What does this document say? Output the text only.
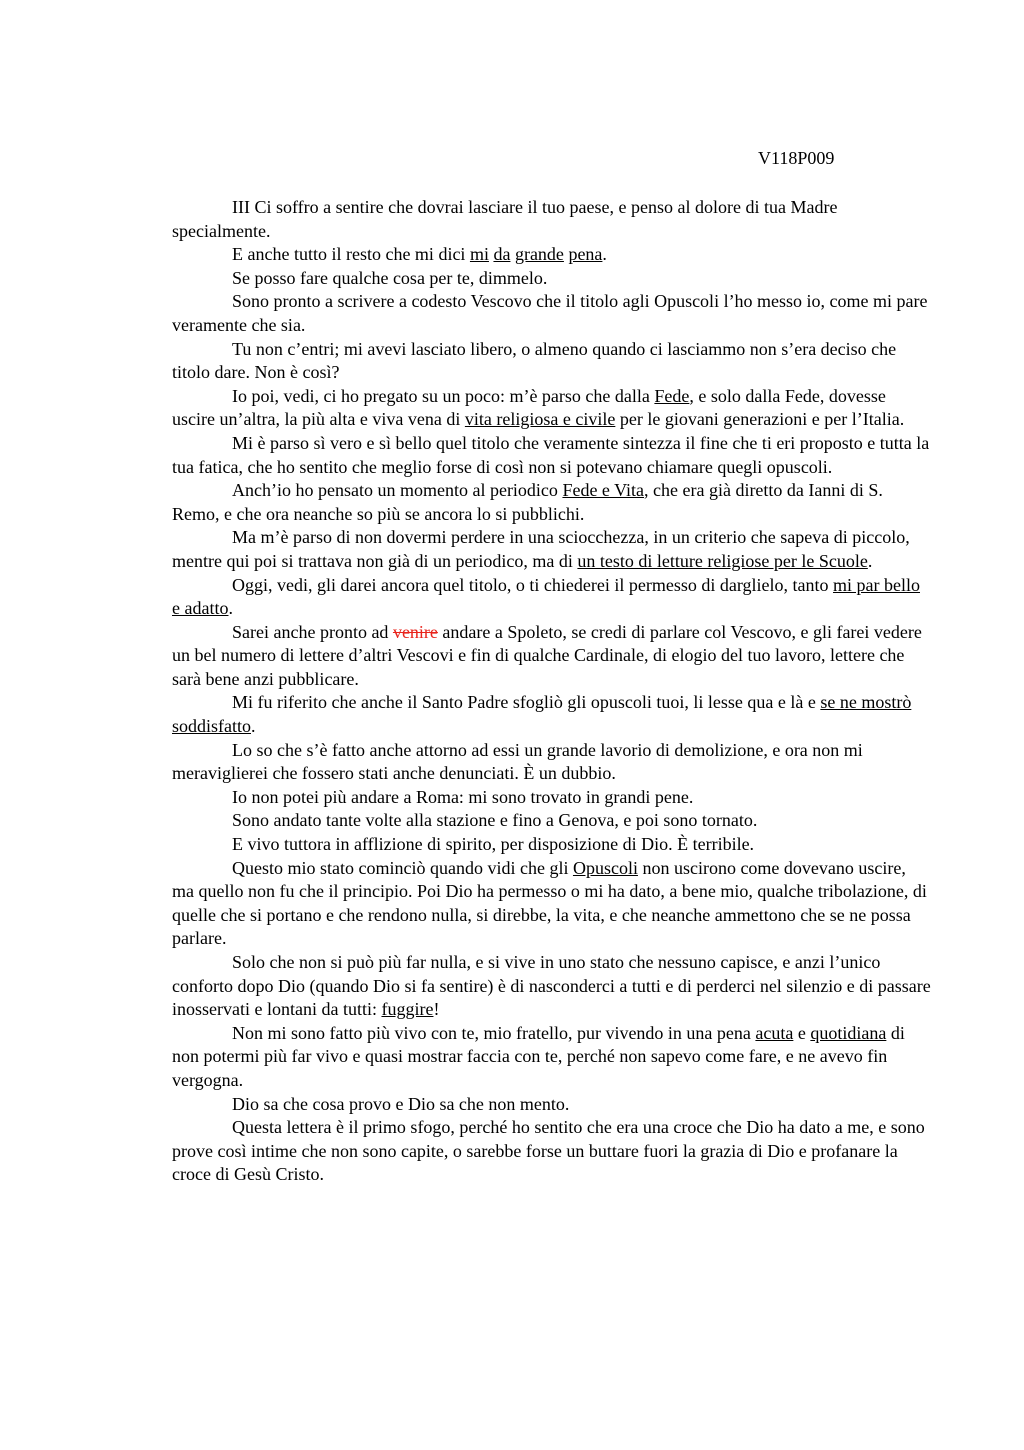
V118P009

III Ci soffro a sentire che dovrai lasciare il tuo paese, e penso al dolore di tua Madre specialmente.

E anche tutto il resto che mi dici mi da grande pena.

Se posso fare qualche cosa per te, dimmelo.

Sono pronto a scrivere a codesto Vescovo che il titolo agli Opuscoli l’ho messo io, come mi pare veramente che sia.

Tu non c’entri; mi avevi lasciato libero, o almeno quando ci lasciammo non s’era deciso che titolo dare. Non è così?

Io poi, vedi, ci ho pregato su un poco: m’è parso che dalla Fede, e solo dalla Fede, dovesse uscire un’altra, la più alta e viva vena di vita religiosa e civile per le giovani generazioni e per l’Italia.

Mi è parso sì vero e sì bello quel titolo che veramente sintezza il fine che ti eri proposto e tutta la tua fatica, che ho sentito che meglio forse di così non si potevano chiamare quegli opuscoli.

Anch’io ho pensato un momento al periodico Fede e Vita, che era già diretto da Ianni di S. Remo, e che ora neanche so più se ancora lo si pubblichi.

Ma m’è parso di non dovermi perdere in una sciocchezza, in un criterio che sapeva di piccolo, mentre qui poi si trattava non già di un periodico, ma di un testo di letture religiose per le Scuole.

Oggi, vedi, gli darei ancora quel titolo, o ti chiederei il permesso di darglielo, tanto mi par bello e adatto.

Sarei anche pronto ad venire andare a Spoleto, se credi di parlare col Vescovo, e gli farei vedere un bel numero di lettere d’altri Vescovi e fin di qualche Cardinale, di elogio del tuo lavoro, lettere che sarà bene anzi pubblicare.

Mi fu riferito che anche il Santo Padre sfogliò gli opuscoli tuoi, li lesse qua e là e se ne mostrò soddisfatto.

Lo so che s’è fatto anche attorno ad essi un grande lavorio di demolizione, e ora non mi meraviglierei che fossero stati anche denunciati. È un dubbio.

Io non potei più andare a Roma: mi sono trovato in grandi pene.

Sono andato tante volte alla stazione e fino a Genova, e poi sono tornato.

E vivo tuttora in afflizione di spirito, per disposizione di Dio. È terribile.

Questo mio stato cominciò quando vidi che gli Opuscoli non uscirono come dovevano uscire, ma quello non fu che il principio. Poi Dio ha permesso o mi ha dato, a bene mio, qualche tribolazione, di quelle che si portano e che rendono nulla, si direbbe, la vita, e che neanche ammettono che se ne possa parlare.

Solo che non si può più far nulla, e si vive in uno stato che nessuno capisce, e anzi l’unico conforto dopo Dio (quando Dio si fa sentire) è di nasconderci a tutti e di perderci nel silenzio e di passare inosservati e lontani da tutti: fuggire!

Non mi sono fatto più vivo con te, mio fratello, pur vivendo in una pena acuta e quotidiana di non potermi più far vivo e quasi mostrar faccia con te, perché non sapevo come fare, e ne avevo fin vergogna.

Dio sa che cosa provo e Dio sa che non mento.

Questa lettera è il primo sfogo, perché ho sentito che era una croce che Dio ha dato a me, e sono prove così intime che non sono capite, o sarebbe forse un buttare fuori la grazia di Dio e profanare la croce di Gesù Cristo.
